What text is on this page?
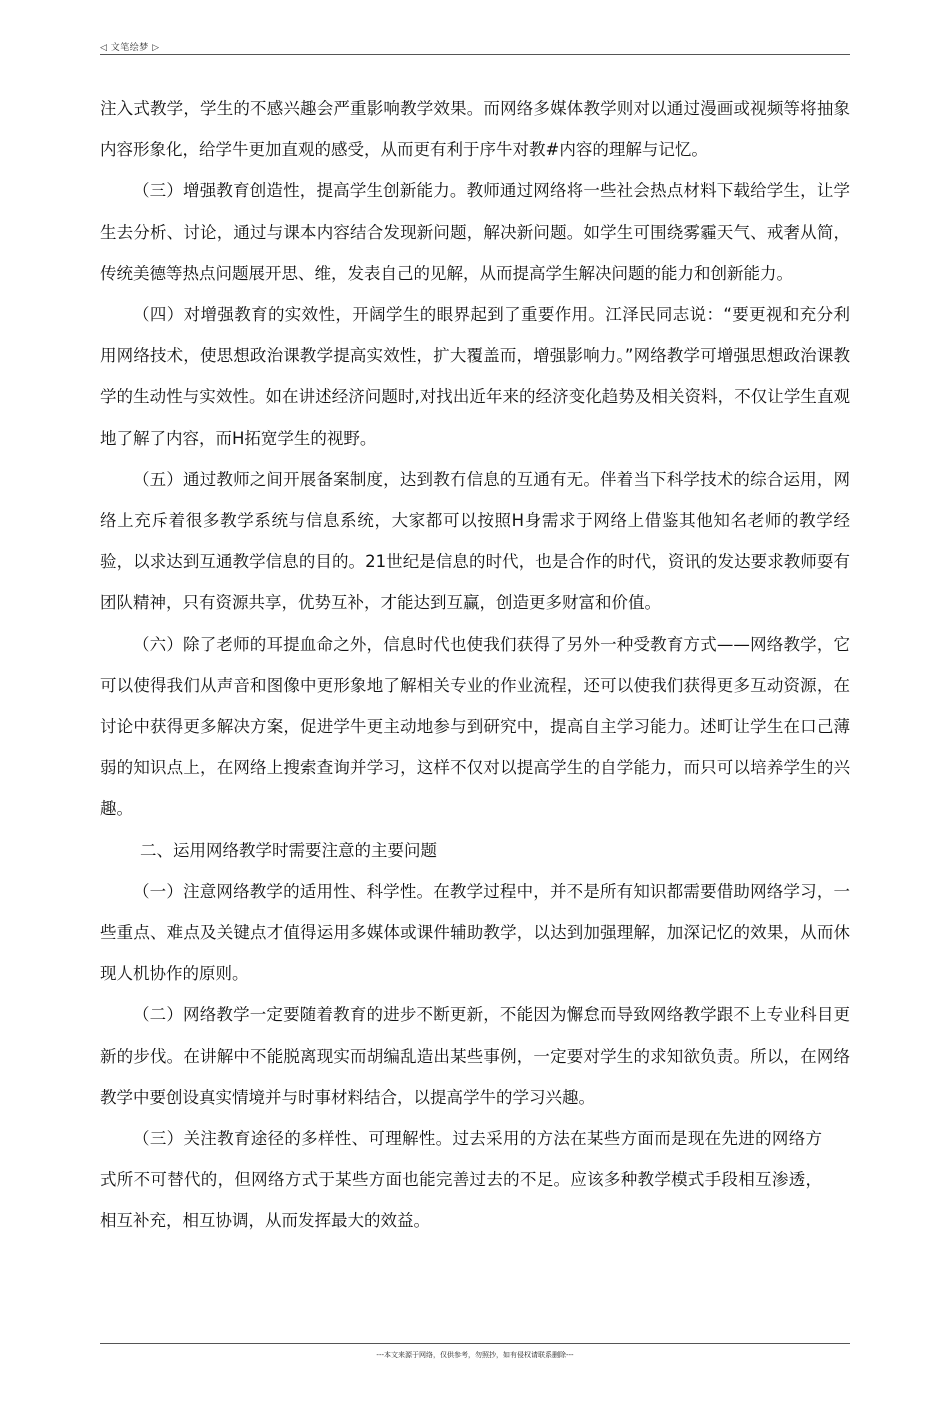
◁ 文笔绘梦 ▷

注入式教学，学生的不感兴趣会严重影响教学效果。而网络多媒体教学则对以通过漫画或视频等将抽象内容形象化，给学牛更加直观的感受，从而更有利于序牛对教#内容的理解与记忆。

（三）增强教育创造性，提高学生创新能力。教师通过网络将一些社会热点材料下载给学生，让学生去分析、讨论，通过与课本内容结合发现新问题，解决新问题。如学生可围绕雾霾天气、戒奢从简，传统美德等热点问题展开思、维，发表自己的见解，从而提高学生解决问题的能力和创新能力。

（四）对增强教育的实效性，开阔学生的眼界起到了重要作用。江泽民同志说：“要更视和充分利用网络技术，使思想政治课教学提高实效性，扩大覆盖而，增强影响力。”网络教学可增强思想政治课教学的生动性与实效性。如在讲述经济问题时,对找出近年来的经济变化趋势及相关资料，不仅让学生直观地了解了内容，而H拓宽学生的视野。

（五）通过教师之间开展备案制度，达到教冇信息的互通有无。伴着当下科学技术的综合运用，网络上充斥着很多教学系统与信息系统，大家都可以按照H身需求于网络上借鉴其他知名老师的教学经验，以求达到互通教学信息的目的。21世纪是信息的时代，也是合作的时代，资讯的发达要求教师耍有团队精神，只有资源共享，优势互补，才能达到互赢，创造更多财富和价值。

（六）除了老师的耳提血命之外，信息时代也使我们获得了另外一种受教育方式——网络教学，它可以使得我们从声音和图像中更形象地了解相关专业的作业流程，还可以使我们获得更多互动资源，在讨论中获得更多解决方案，促进学牛更主动地参与到研究中，提高自主学习能力。述町让学生在口己薄弱的知识点上，在网络上搜索查询并学习，这样不仅对以提高学生的自学能力，而只可以培养学生的兴趣。

二、运用网络教学时需要注意的主要问题

（一）注意网络教学的适用性、科学性。在教学过程中，并不是所有知识都需要借助网络学习，一些重点、难点及关键点才值得运用多媒体或课件辅助教学，以达到加强理解，加深记忆的效果，从而休现人机协作的原则。

（二）网络教学一定要随着教育的进步不断更新，不能因为懈怠而导致网络教学跟不上专业科目更新的步伐。在讲解中不能脱离现实而胡编乱造出某些事例，一定要对学生的求知欲负责。所以，在网络教学中要创设真实情境并与时事材料结合，以提高学牛的学习兴趣。

（三）关注教育途径的多样性、可理解性。过去采用的方法在某些方面而是现在先进的网络方式所不可替代的，但网络方式于某些方面也能完善过去的不足。应该多种教学模式手段相互渗透，相互补充，相互协调，从而发挥最大的效益。

---本文来源于网络，仅供参考，勿照抄，如有侵权请联系删除---
